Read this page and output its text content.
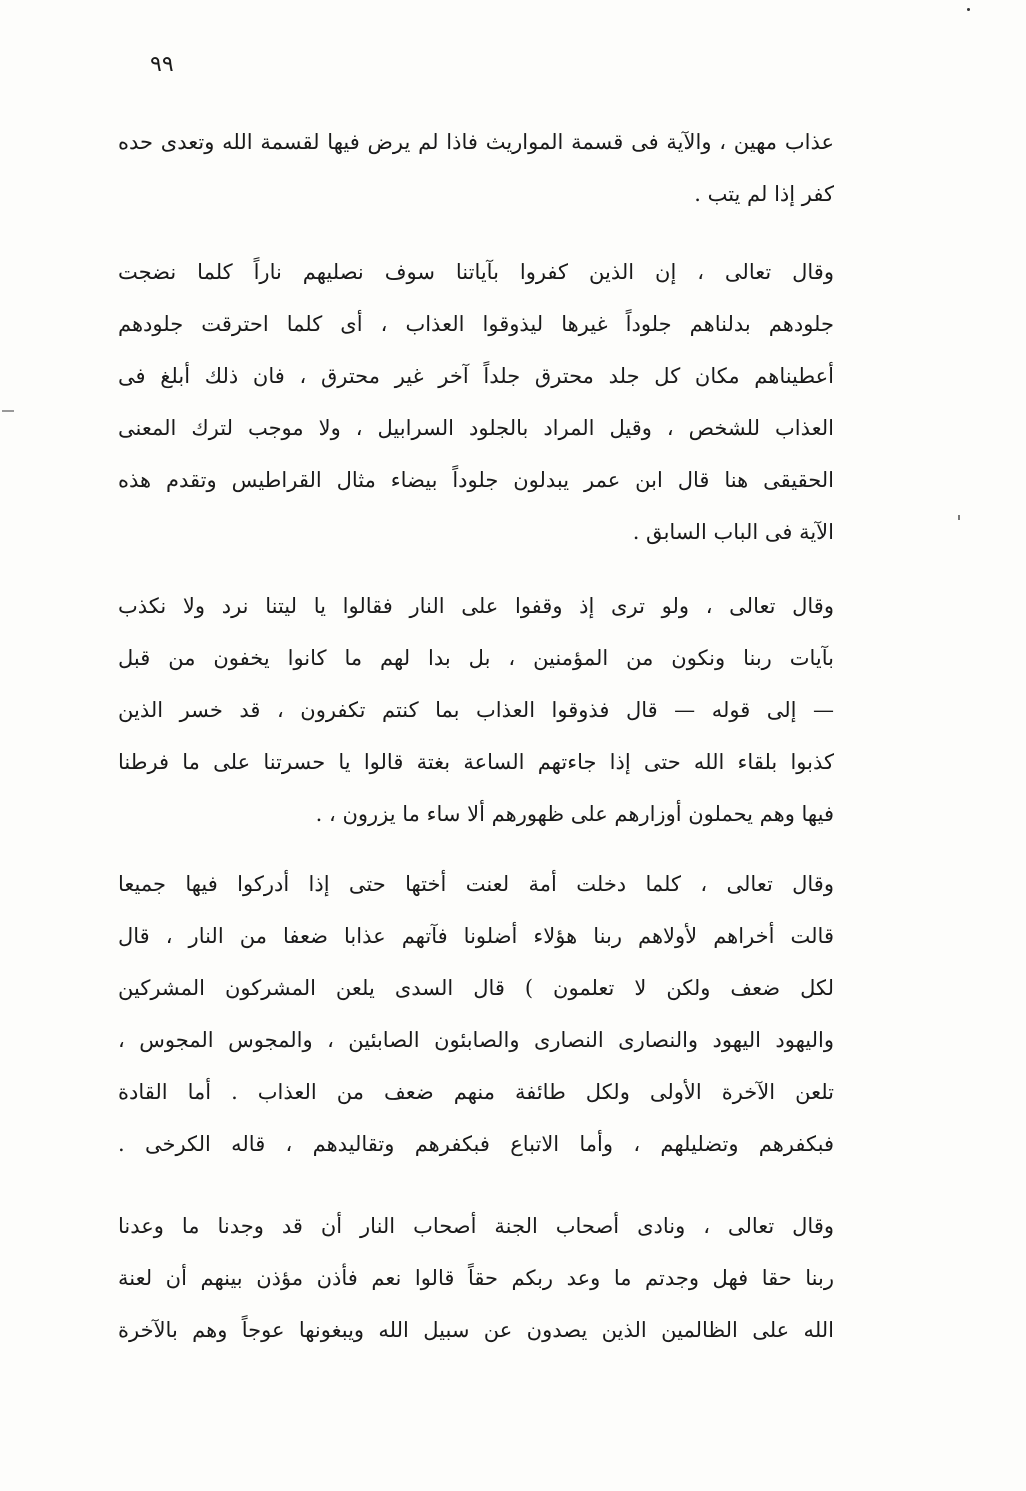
٩٩
عذاب مهين ، والآية فى قسمة المواريث فاذا لم يرض فيها لقسمة الله وتعدى حده
كفر إذا لم يتب .
وقال تعالى ، إن الذين كفروا بآياتنا سوف نصليهم ناراً كلما نضجت
جلودهم بدلناهم جلوداً غيرها ليذوقوا العذاب ، أى كلما احترقت جلودهم
أعطيناهم مكان كل جلد محترق جلداً آخر غير محترق ، فان ذلك أبلغ فى
العذاب للشخص ، وقيل المراد بالجلود السرابيل ، ولا موجب لترك المعنى
الحقيقى هنا قال ابن عمر يبدلون جلوداً بيضاء مثال القراطيس وتقدم هذه
الآية فى الباب السابق .
وقال تعالى ، ولو ترى إذ وقفوا على النار فقالوا يا ليتنا نرد ولا نكذب
بآيات ربنا ونكون من المؤمنين ، بل بدا لهم ما كانوا يخفون من قبل
— إلى قوله — قال فذوقوا العذاب بما كنتم تكفرون ، قد خسر الذين
كذبوا بلقاء الله حتى إذا جاءتهم الساعة بغتة قالوا يا حسرتنا على ما فرطنا
فيها وهم يحملون أوزارهم على ظهورهم ألا ساء ما يزرون ، .
وقال تعالى ، كلما دخلت أمة لعنت أختها حتى إذا أدركوا فيها جميعا
قالت أخراهم لأولاهم ربنا هؤلاء أضلونا فآتهم عذابا ضعفا من النار ، قال
لكل ضعف ولكن لا تعلمون ) قال السدى يلعن المشركون المشركين
واليهود اليهود والنصارى النصارى والصابئون الصابئين ، والمجوس المجوس ،
تلعن الآخرة الأولى ولكل طائفة منهم ضعف من العذاب . أما القادة
فبكفرهم وتضليلهم ، وأما الاتباع فبكفرهم وتقاليدهم ، قاله الكرخى .
وقال تعالى ، ونادى أصحاب الجنة أصحاب النار أن قد وجدنا ما وعدنا
ربنا حقا فهل وجدتم ما وعد ربكم حقاً قالوا نعم فأذن مؤذن بينهم أن لعنة
الله على الظالمين الذين يصدون عن سبيل الله ويبغونها عوجاً وهم بالآخرة
